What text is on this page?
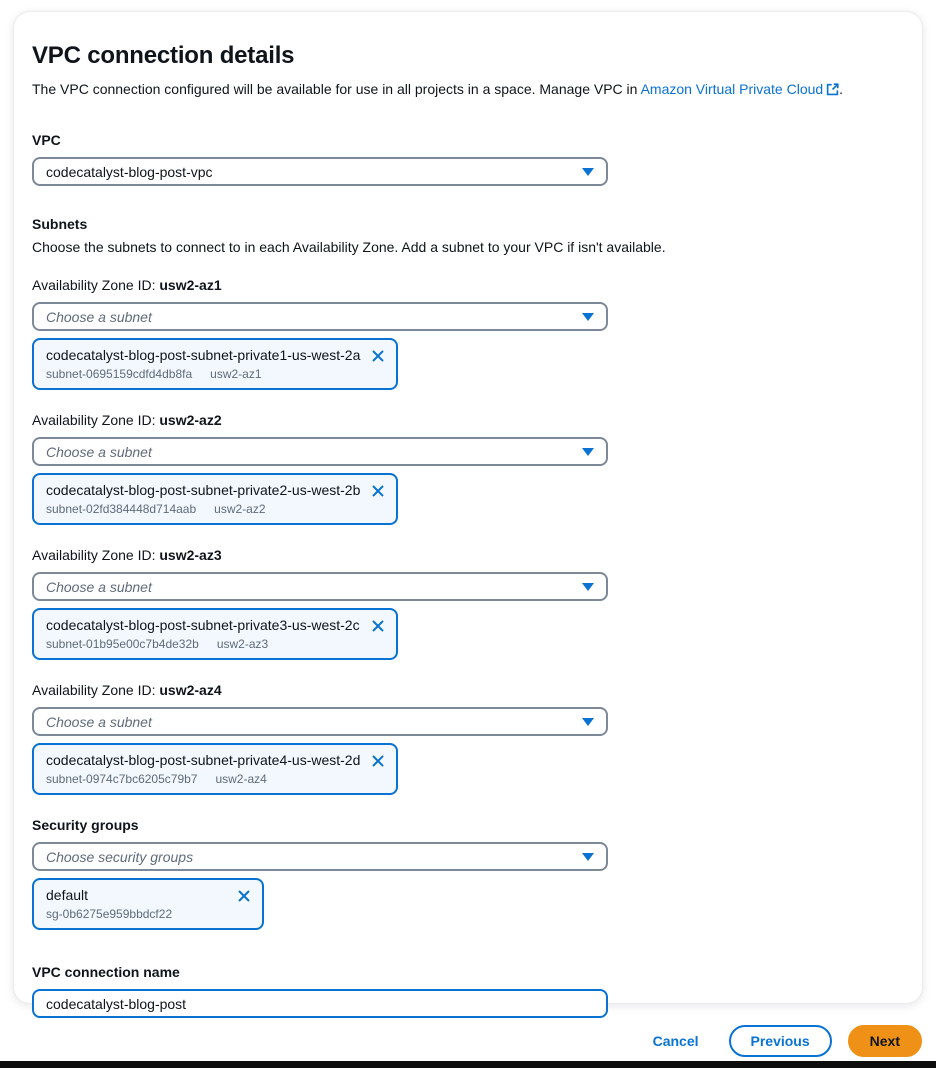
VPC connection details

The VPC connection configured will be available for use in all projects in a space. Manage VPC in Amazon Virtual Private Cloud .

VPC
codecatalyst-blog-post-vpc
Subnets
Choose the subnets to connect to in each Availability Zone. Add a subnet to your VPC if isn't available.
Availability Zone ID: usw2-az1
Choose a subnet
codecatalyst-blog-post-subnet-private1-us-west-2a
subnet-0695159cdfd4db8fa usw2-az1
Availability Zone ID: usw2-az2
Choose a subnet
codecatalyst-blog-post-subnet-private2-us-west-2b
subnet-02fd384448d714aab usw2-az2
Availability Zone ID: usw2-az3
Choose a subnet
codecatalyst-blog-post-subnet-private3-us-west-2c
subnet-01b95e00c7b4de32b usw2-az3
Availability Zone ID: usw2-az4
Choose a subnet
codecatalyst-blog-post-subnet-private4-us-west-2d
subnet-0974c7bc6205c79b7 usw2-az4
Security groups
Choose security groups
default
sg-0b6275e959bbdcf22
VPC connection name
codecatalyst-blog-post
Cancel	Previous	Next
